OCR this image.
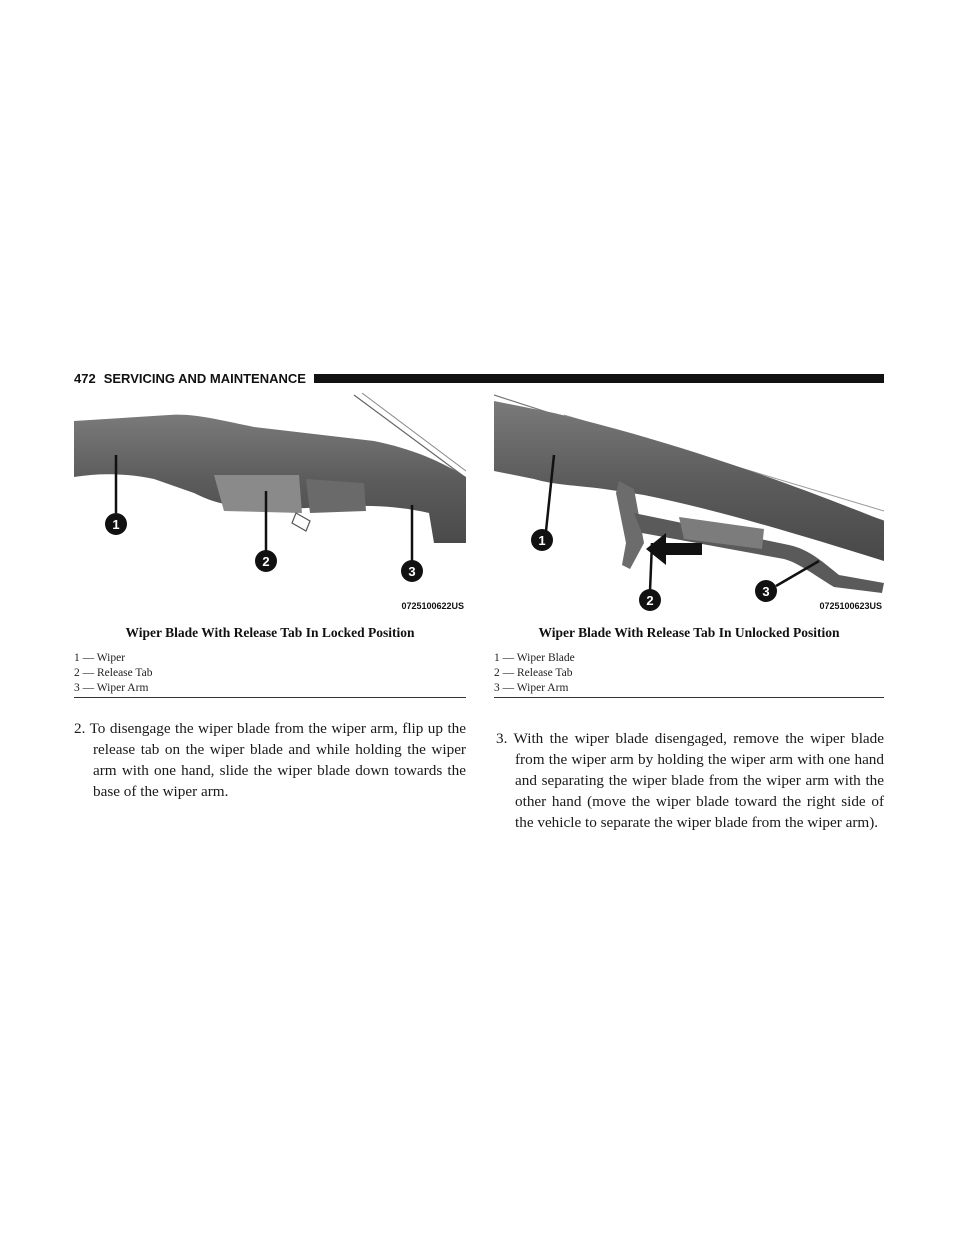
472 SERVICING AND MAINTENANCE
1
2
3
0725100622US
1
2
3
0725100623US
Wiper Blade With Release Tab In Locked Position	Wiper Blade With Release Tab In Unlocked Position
1 — Wiper
2 — Release Tab
3 — Wiper Arm
1 — Wiper Blade
2 — Release Tab
3 — Wiper Arm

2. To disengage the wiper blade from the wiper arm, flip up the release tab on the wiper blade and while holding the wiper arm with one hand, slide the wiper blade down towards the base of the wiper arm.

3. With the wiper blade disengaged, remove the wiper blade from the wiper arm by holding the wiper arm with one hand and separating the wiper blade from the wiper arm with the other hand (move the wiper blade toward the right side of the vehicle to separate the wiper blade from the wiper arm).
